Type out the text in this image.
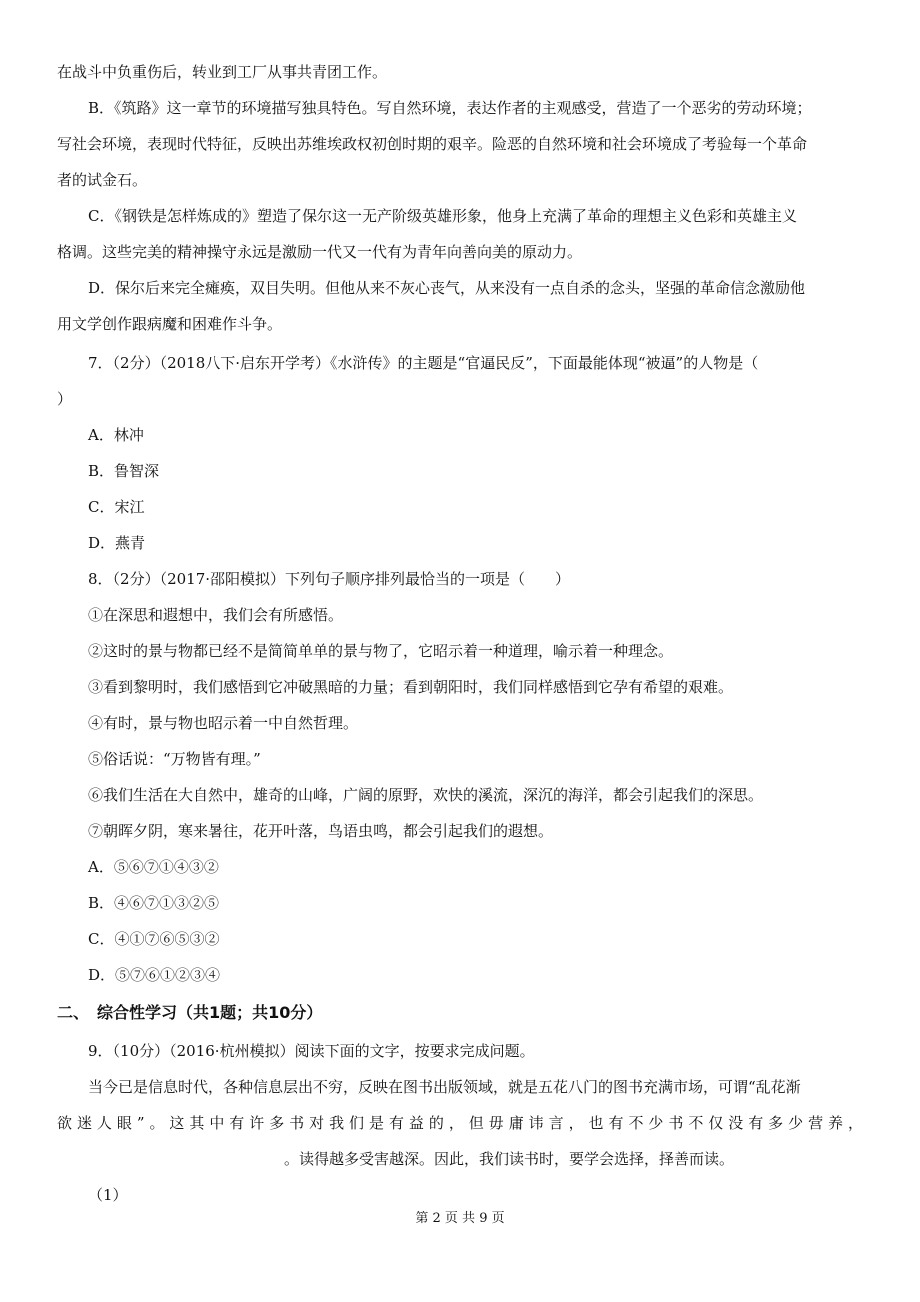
在战斗中负重伤后，转业到工厂从事共青团工作。
B．《筑路》这一章节的环境描写独具特色。写自然环境，表达作者的主观感受，营造了一个恶劣的劳动环境；
写社会环境，表现时代特征，反映出苏维埃政权初创时期的艰辛。险恶的自然环境和社会环境成了考验每一个革命
者的试金石。
C．《钢铁是怎样炼成的》塑造了保尔这一无产阶级英雄形象，他身上充满了革命的理想主义色彩和英雄主义
格调。这些完美的精神操守永远是激励一代又一代有为青年向善向美的原动力。
D．保尔后来完全瘫痪，双目失明。但他从来不灰心丧气，从来没有一点自杀的念头，坚强的革命信念激励他
用文学创作跟病魔和困难作斗争。
7．（2分）（2018八下·启东开学考）《水浒传》的主题是“官逼民反”，下面最能体现“被逼”的人物是（
）
A．林冲
B．鲁智深
C．宋江
D．燕青
8．（2分）（2017·邵阳模拟）下列句子顺序排列最恰当的一项是（　　）
①在深思和遐想中，我们会有所感悟。
②这时的景与物都已经不是简简单单的景与物了，它昭示着一种道理，喻示着一种理念。
③看到黎明时，我们感悟到它冲破黑暗的力量；看到朝阳时，我们同样感悟到它孕有希望的艰难。
④有时，景与物也昭示着一中自然哲理。
⑤俗话说：“万物皆有理。”
⑥我们生活在大自然中，雄奇的山峰，广阔的原野，欢快的溪流，深沉的海洋，都会引起我们的深思。
⑦朝晖夕阴，寒来暑往，花开叶落，鸟语虫鸣，都会引起我们的遐想。
A．⑤⑥⑦①④③②
B．④⑥⑦①③②⑤
C．④①⑦⑥⑤③②
D．⑤⑦⑥①②③④
二、　综合性学习（共1题；共10分）
9．（10分）（2016·杭州模拟）阅读下面的文字，按要求完成问题。
当今已是信息时代，各种信息层出不穷，反映在图书出版领域，就是五花八门的图书充满市场，可谓“乱花渐
欲迷人眼”。这其中有许多书对我们是有益的，但毋庸讳言，也有不少书不仅没有多少营养，
。读得越多受害越深。因此，我们读书时，要学会选择，择善而读。
（1）
第 2 页 共 9 页
